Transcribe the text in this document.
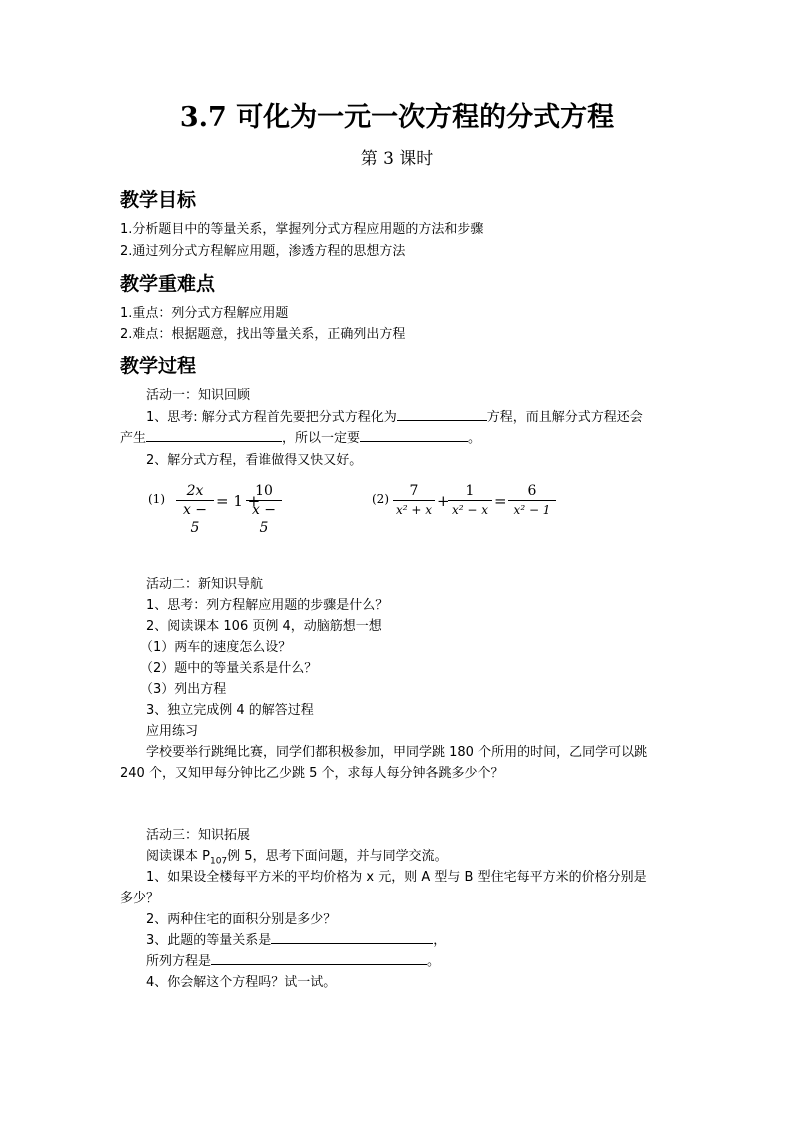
3.7 可化为一元一次方程的分式方程
第 3 课时
教学目标
1.分析题目中的等量关系，掌握列分式方程应用题的方法和步骤
2.通过列分式方程解应用题，渗透方程的思想方法
教学重难点
1.重点：列分式方程解应用题
2.难点：根据题意，找出等量关系，正确列出方程
教学过程
活动一：知识回顾
1、思考: 解分式方程首先要把分式方程化为	方程，而且解分式方程还会
产生	，所以一定要	。
2、解分式方程，看谁做得又快又好。
(1)	2x
x − 5
= 1 +
10
x − 5
(2)	7
x² + x +
1
x² − x =
6
x² − 1
活动二：新知识导航
1、思考：列方程解应用题的步骤是什么？
2、阅读课本 106 页例 4，动脑筋想一想
（1）两车的速度怎么设？
（2）题中的等量关系是什么？
（3）列出方程
3、独立完成例 4 的解答过程
应用练习
学校要举行跳绳比赛，同学们都积极参加，甲同学跳 180 个所用的时间，乙同学可以跳
240 个，又知甲每分钟比乙少跳 5 个，求每人每分钟各跳多少个？
活动三：知识拓展
阅读课本 $P_{107}$例 5，思考下面问题，并与同学交流。
1、如果设全楼每平方米的平均价格为 x 元，则 A 型与 B 型住宅每平方米的价格分别是
多少？
2、两种住宅的面积分别是多少？
3、此题的等量关系是	，
所列方程是	。
4、你会解这个方程吗？试一试。
